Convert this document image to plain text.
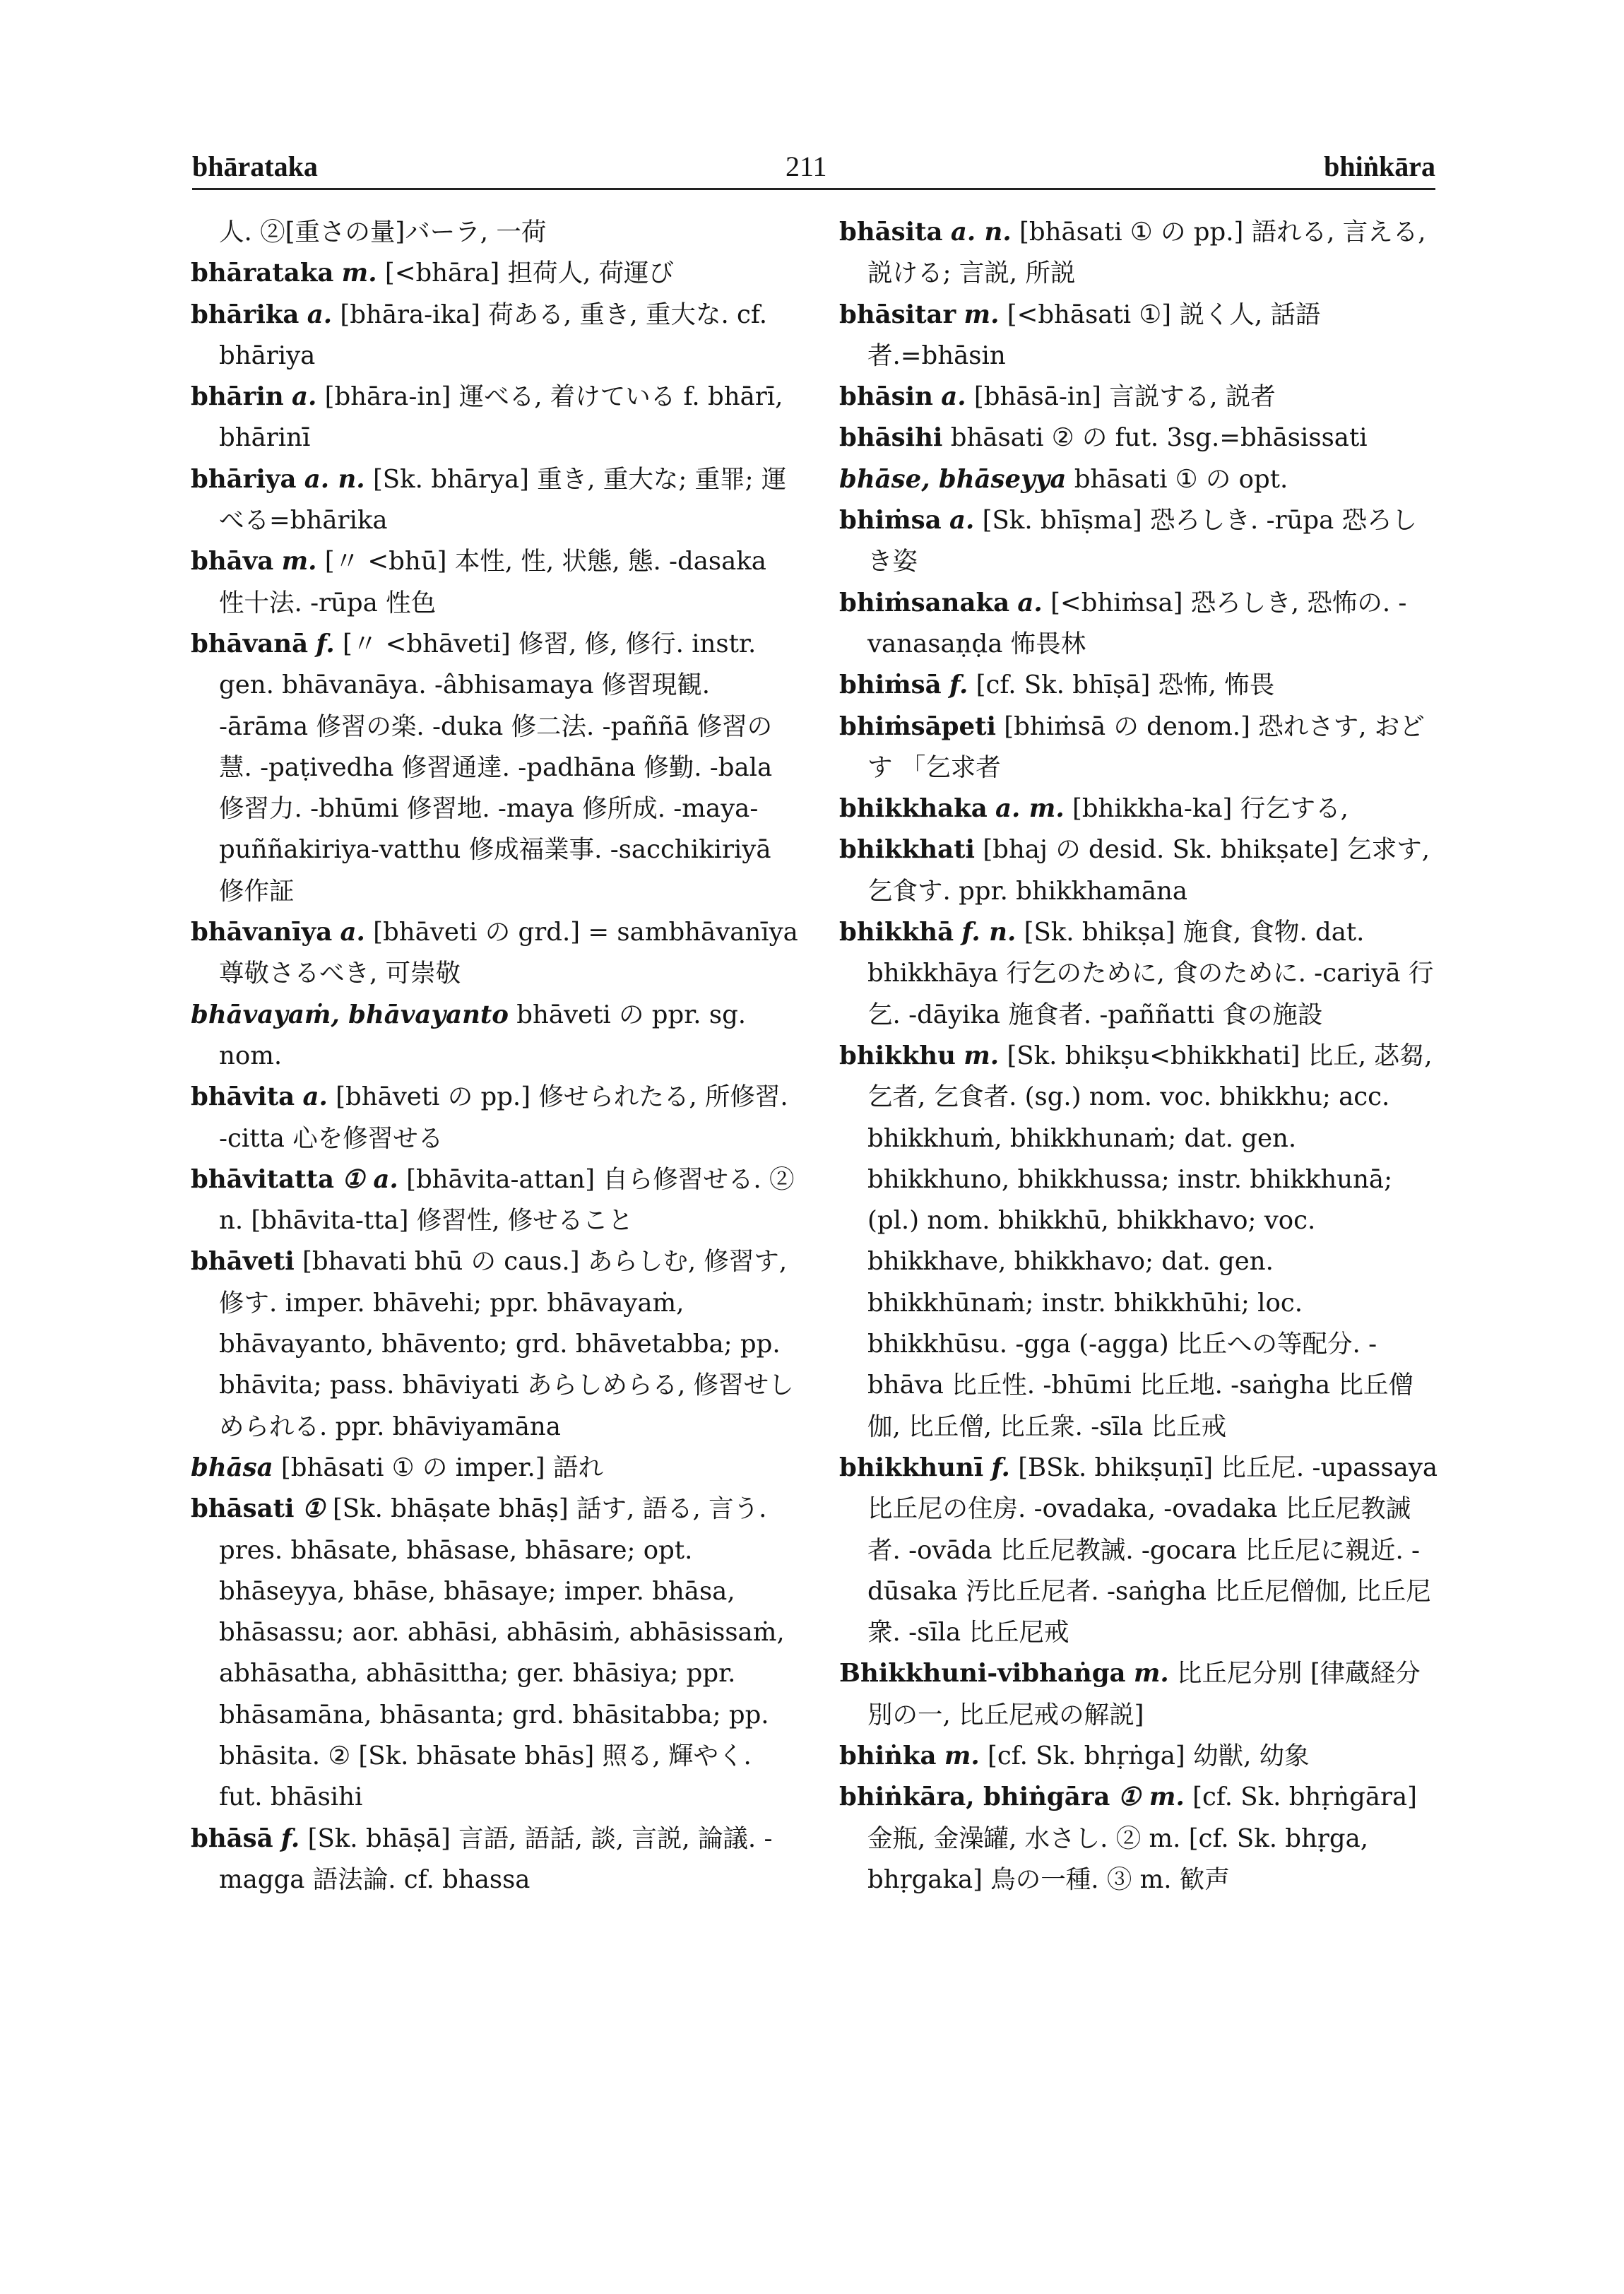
bhārataka	211	bhiṅkāra

人. ②[重さの量]バーラ, 一荷

bhārataka m. [<bhāra] 担荷人, 荷運び

bhārika a. [bhāra-ika] 荷ある, 重き, 重大な. cf. bhāriya

bhārin a. [bhāra-in] 運べる, 着けている f. bhārī, bhārinī

bhāriya a. n. [Sk. bhārya] 重き, 重大な; 重罪; 運べる=bhārika

bhāva m. [〃 <bhū] 本性, 性, 状態, 態. -dasaka 性十法. -rūpa 性色

bhāvanā f. [〃 <bhāveti] 修習, 修, 修行. instr. gen. bhāvanāya. -âbhisamaya 修習現観. -ārāma 修習の楽. -duka 修二法. -paññā 修習の慧. -paṭivedha 修習通達. -padhāna 修勤. -bala 修習力. -bhūmi 修習地. -maya 修所成. -maya-puññakiriya-vatthu 修成福業事. -sacchikiriyā 修作証

bhāvanīya a. [bhāveti の grd.] = sambhāvanīya 尊敬さるべき, 可崇敬

bhāvayaṁ, bhāvayanto bhāveti の ppr. sg. nom.

bhāvita a. [bhāveti の pp.] 修せられたる, 所修習. -citta 心を修習せる

bhāvitatta ① a. [bhāvita-attan] 自ら修習せる. ② n. [bhāvita-tta] 修習性, 修せること

bhāveti [bhavati bhū の caus.] あらしむ, 修習す, 修す. imper. bhāvehi; ppr. bhāvayaṁ, bhāvayanto, bhāvento; grd. bhāvetabba; pp. bhāvita; pass. bhāviyati あらしめらる, 修習せしめられる. ppr. bhāviyamāna

bhāsa [bhāsati ① の imper.] 語れ

bhāsati ① [Sk. bhāṣate bhāṣ] 話す, 語る, 言う. pres. bhāsate, bhāsase, bhāsare; opt. bhāseyya, bhāse, bhāsaye; imper. bhāsa, bhāsassu; aor. abhāsi, abhāsiṁ, abhāsissaṁ, abhāsatha, abhāsittha; ger. bhāsiya; ppr. bhāsamāna, bhāsanta; grd. bhāsitabba; pp. bhāsita. ② [Sk. bhāsate bhās] 照る, 輝やく. fut. bhāsihi

bhāsā f. [Sk. bhāṣā] 言語, 語話, 談, 言説, 論議. -magga 語法論. cf. bhassa

bhāsita a. n. [bhāsati ① の pp.] 語れる, 言える, 説ける; 言説, 所説

bhāsitar m. [<bhāsati ①] 説く人, 話語者.=bhāsin

bhāsin a. [bhāsā-in] 言説する, 説者

bhāsihi bhāsati ② の fut. 3sg.=bhāsissati

bhāse, bhāseyya bhāsati ① の opt.

bhiṁsa a. [Sk. bhīṣma] 恐ろしき. -rūpa 恐ろしき姿

bhiṁsanaka a. [<bhiṁsa] 恐ろしき, 恐怖の. -vanasaṇḍa 怖畏林

bhiṁsā f. [cf. Sk. bhīṣā] 恐怖, 怖畏

bhiṁsāpeti [bhiṁsā の denom.] 恐れさす, おどす 「乞求者

bhikkhaka a. m. [bhikkha-ka] 行乞する,

bhikkhati [bhaj の desid. Sk. bhikṣate] 乞求す, 乞食す. ppr. bhikkhamāna

bhikkhā f. n. [Sk. bhikṣa] 施食, 食物. dat. bhikkhāya 行乞のために, 食のために. -cariyā 行乞. -dāyika 施食者. -paññatti 食の施設

bhikkhu m. [Sk. bhikṣu<bhikkhati] 比丘, 苾芻, 乞者, 乞食者. (sg.) nom. voc. bhikkhu; acc. bhikkhuṁ, bhikkhunaṁ; dat. gen. bhikkhuno, bhikkhussa; instr. bhikkhunā; (pl.) nom. bhikkhū, bhikkhavo; voc. bhikkhave, bhikkhavo; dat. gen. bhikkhūnaṁ; instr. bhikkhūhi; loc. bhikkhūsu. -gga (-agga) 比丘への等配分. -bhāva 比丘性. -bhūmi 比丘地. -saṅgha 比丘僧伽, 比丘僧, 比丘衆. -sīla 比丘戒

bhikkhunī f. [BSk. bhikṣuṇī] 比丘尼. -upassaya 比丘尼の住房. -ovadaka, -ovadaka 比丘尼教誡者. -ovāda 比丘尼教誡. -gocara 比丘尼に親近. -dūsaka 汚比丘尼者. -saṅgha 比丘尼僧伽, 比丘尼衆. -sīla 比丘尼戒

Bhikkhuni-vibhaṅga m. 比丘尼分別 [律蔵経分別の一, 比丘尼戒の解説]

bhiṅka m. [cf. Sk. bhṛṅga] 幼獣, 幼象

bhiṅkāra, bhiṅgāra ① m. [cf. Sk. bhṛṅgāra] 金瓶, 金澡罐, 水さし. ② m. [cf. Sk. bhṛga, bhṛgaka] 鳥の一種. ③ m. 歓声
